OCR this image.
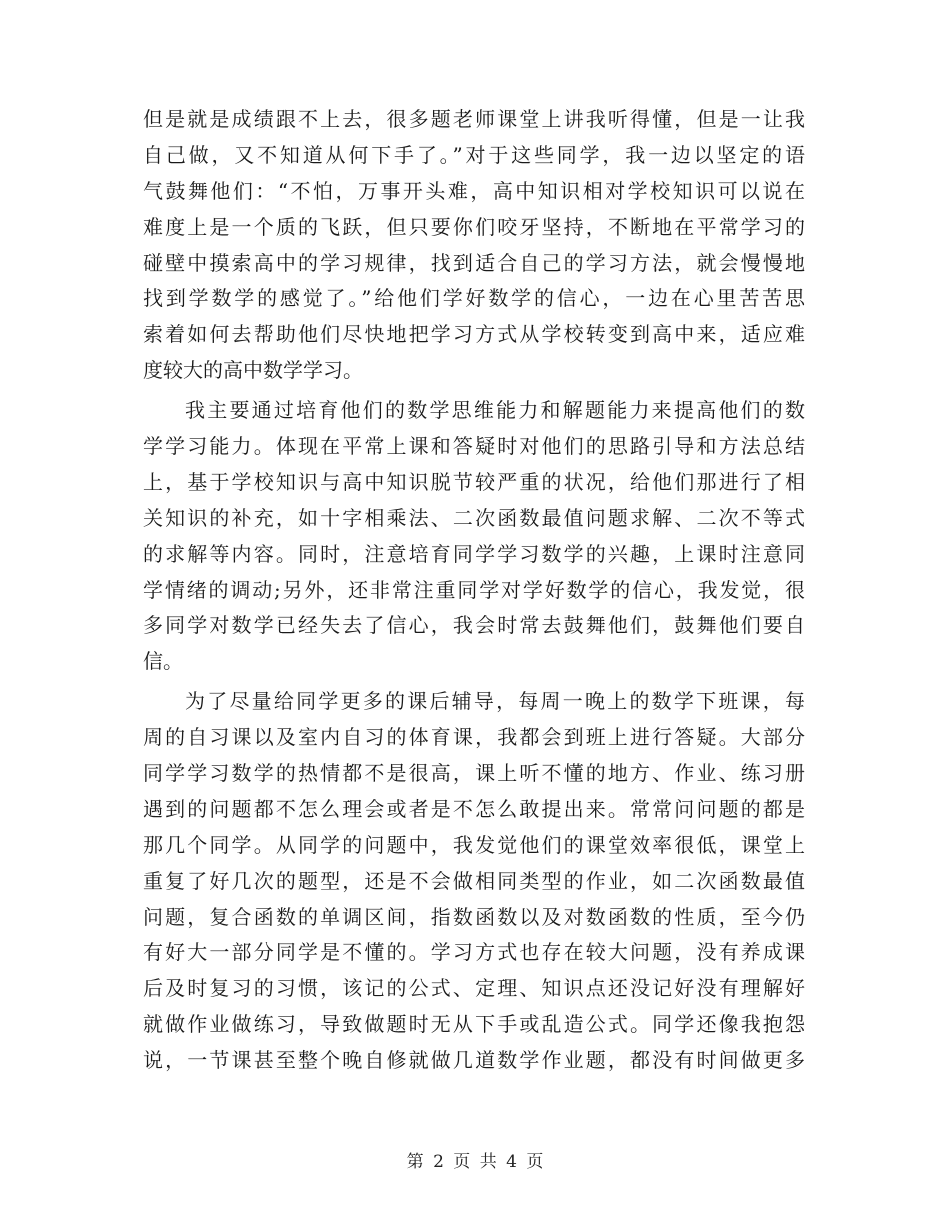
但是就是成绩跟不上去，很多题老师课堂上讲我听得懂，但是一让我
自己做，又不知道从何下手了。”对于这些同学，我一边以坚定的语
气鼓舞他们：“不怕，万事开头难，高中知识相对学校知识可以说在
难度上是一个质的飞跃，但只要你们咬牙坚持，不断地在平常学习的
碰壁中摸索高中的学习规律，找到适合自己的学习方法，就会慢慢地
找到学数学的感觉了。”给他们学好数学的信心，一边在心里苦苦思
索着如何去帮助他们尽快地把学习方式从学校转变到高中来，适应难
度较大的高中数学学习。
我主要通过培育他们的数学思维能力和解题能力来提高他们的数
学学习能力。体现在平常上课和答疑时对他们的思路引导和方法总结
上，基于学校知识与高中知识脱节较严重的状况，给他们那进行了相
关知识的补充，如十字相乘法、二次函数最值问题求解、二次不等式
的求解等内容。同时，注意培育同学学习数学的兴趣，上课时注意同
学情绪的调动;另外，还非常注重同学对学好数学的信心，我发觉，很
多同学对数学已经失去了信心，我会时常去鼓舞他们，鼓舞他们要自
信。
为了尽量给同学更多的课后辅导，每周一晚上的数学下班课，每
周的自习课以及室内自习的体育课，我都会到班上进行答疑。大部分
同学学习数学的热情都不是很高，课上听不懂的地方、作业、练习册
遇到的问题都不怎么理会或者是不怎么敢提出来。常常问问题的都是
那几个同学。从同学的问题中，我发觉他们的课堂效率很低，课堂上
重复了好几次的题型，还是不会做相同类型的作业，如二次函数最值
问题，复合函数的单调区间，指数函数以及对数函数的性质，至今仍
有好大一部分同学是不懂的。学习方式也存在较大问题，没有养成课
后及时复习的习惯，该记的公式、定理、知识点还没记好没有理解好
就做作业做练习，导致做题时无从下手或乱造公式。同学还像我抱怨
说，一节课甚至整个晚自修就做几道数学作业题，都没有时间做更多
第 2 页 共 4 页
